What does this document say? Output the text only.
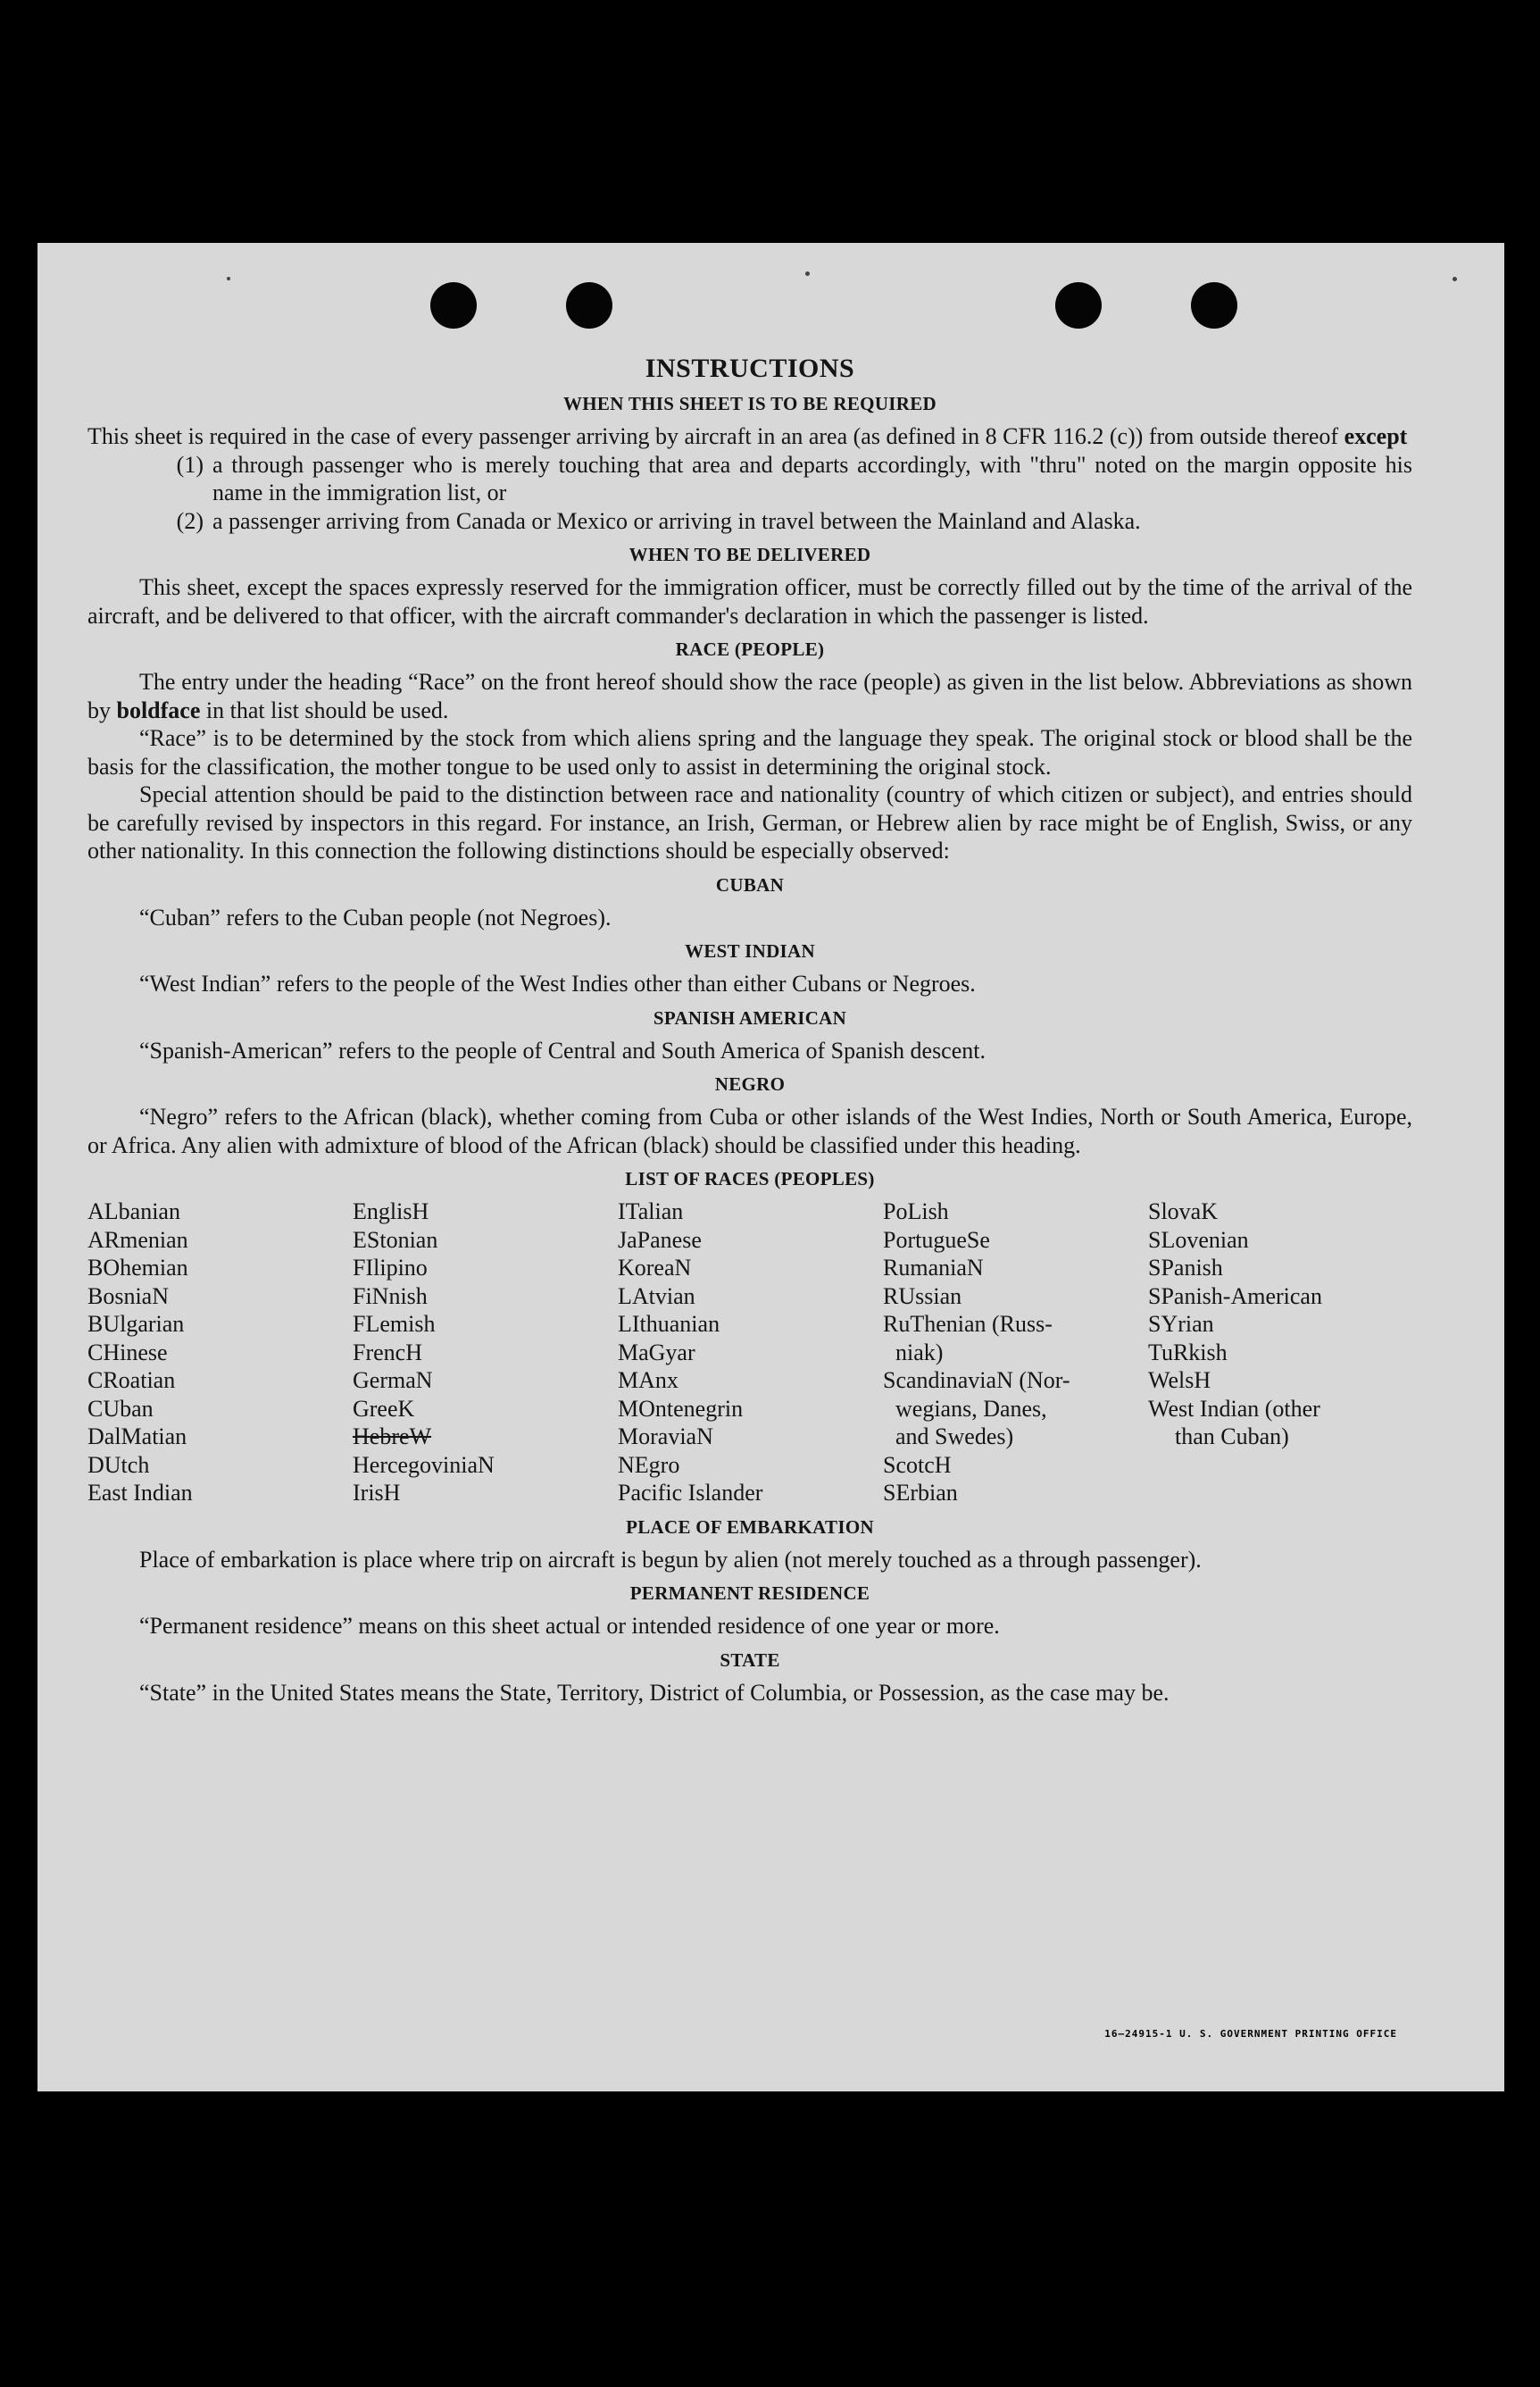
INSTRUCTIONS
WHEN THIS SHEET IS TO BE REQUIRED

This sheet is required in the case of every passenger arriving by aircraft in an area (as defined in 8 CFR 116.2 (c)) from outside thereof except

(1) a through passenger who is merely touching that area and departs accordingly, with "thru" noted on the margin opposite his name in the immigration list, or
(2) a passenger arriving from Canada or Mexico or arriving in travel between the Mainland and Alaska.
WHEN TO BE DELIVERED

This sheet, except the spaces expressly reserved for the immigration officer, must be correctly filled out by the time of the arrival of the aircraft, and be delivered to that officer, with the aircraft commander's declaration in which the passenger is listed.

RACE (PEOPLE)

The entry under the heading “Race” on the front hereof should show the race (people) as given in the list below. Abbreviations as shown by boldface in that list should be used.

“Race” is to be determined by the stock from which aliens spring and the language they speak. The original stock or blood shall be the basis for the classification, the mother tongue to be used only to assist in determining the original stock.

Special attention should be paid to the distinction between race and nationality (country of which citizen or subject), and entries should be carefully revised by inspectors in this regard. For instance, an Irish, German, or Hebrew alien by race might be of English, Swiss, or any other nationality. In this connection the following distinctions should be especially observed:

CUBAN

“Cuban” refers to the Cuban people (not Negroes).

WEST INDIAN

“West Indian” refers to the people of the West Indies other than either Cubans or Negroes.

SPANISH AMERICAN

“Spanish-American” refers to the people of Central and South America of Spanish descent.

NEGRO

“Negro” refers to the African (black), whether coming from Cuba or other islands of the West Indies, North or South America, Europe, or Africa. Any alien with admixture of blood of the African (black) should be classified under this heading.

LIST OF RACES (PEOPLES)
ALbanian
ARmenian
BOhemian
BosniaN
BUlgarian
CHinese
CRoatian
CUban
DalMatian
DUtch
East Indian
EnglisH
EStonian
FIlipino
FiNnish
FLemish
FrencH
GermaN
GreeK
HebreW
HercegoviniaN
IrisH
ITalian
JaPanese
KoreaN
LAtvian
LIthuanian
MaGyar
MAnx
MOntenegrin
MoraviaN
NEgro
Pacific Islander
PoLish
PortugueSe
RumaniaN
RUssian
RuThenian (Russ-
niak)
ScandinaviaN (Nor-
wegians, Danes,
and Swedes)
ScotcH
SErbian
SlovaK
SLovenian
SPanish
SPanish-American
SYrian
TuRkish
WelsH
West Indian (other
than Cuban)
PLACE OF EMBARKATION

Place of embarkation is place where trip on aircraft is begun by alien (not merely touched as a through passenger).

PERMANENT RESIDENCE

“Permanent residence” means on this sheet actual or intended residence of one year or more.

STATE

“State” in the United States means the State, Territory, District of Columbia, or Possession, as the case may be.

16—24915-1 U. S. GOVERNMENT PRINTING OFFICE
